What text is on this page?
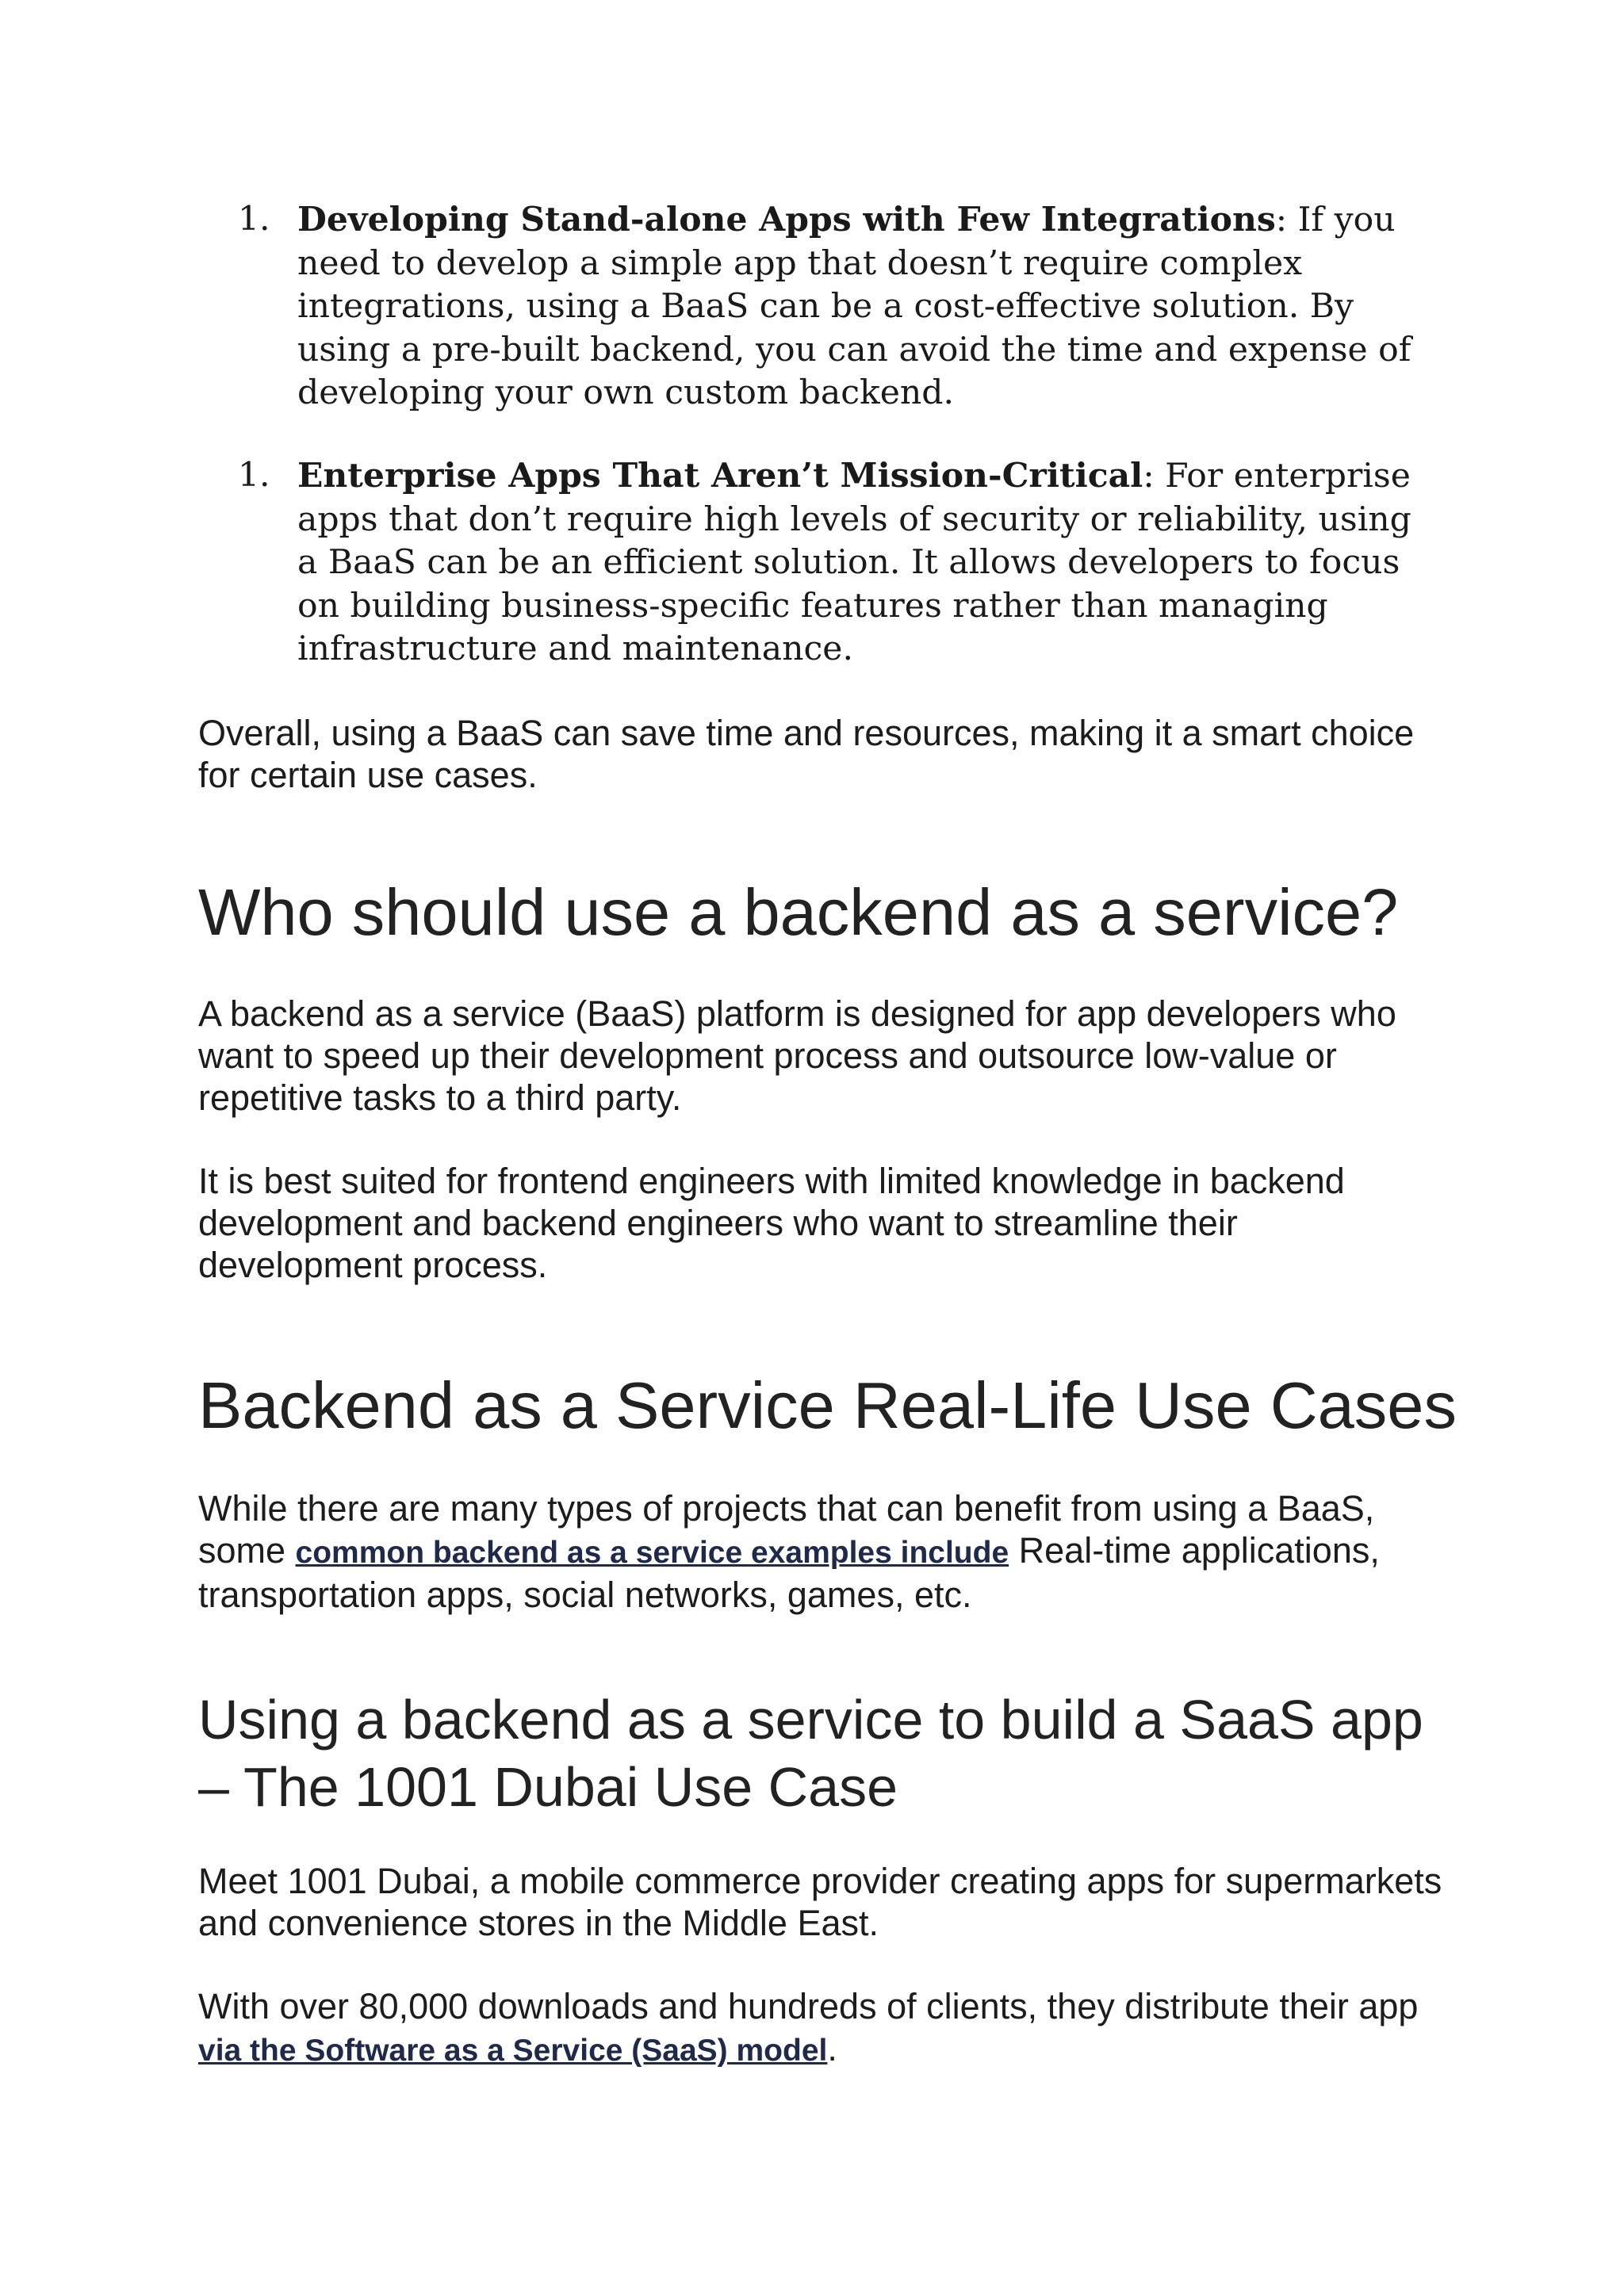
1. Developing Stand-alone Apps with Few Integrations: If you need to develop a simple app that doesn’t require complex integrations, using a BaaS can be a cost-effective solution. By using a pre-built backend, you can avoid the time and expense of developing your own custom backend.
1. Enterprise Apps That Aren’t Mission-Critical: For enterprise apps that don’t require high levels of security or reliability, using a BaaS can be an efficient solution. It allows developers to focus on building business-specific features rather than managing infrastructure and maintenance.

Overall, using a BaaS can save time and resources, making it a smart choice for certain use cases.

Who should use a backend as a service?

A backend as a service (BaaS) platform is designed for app developers who want to speed up their development process and outsource low-value or repetitive tasks to a third party.

It is best suited for frontend engineers with limited knowledge in backend development and backend engineers who want to streamline their development process.

Backend as a Service Real-Life Use Cases

While there are many types of projects that can benefit from using a BaaS, some common backend as a service examples include Real-time applications, transportation apps, social networks, games, etc.

Using a backend as a service to build a SaaS app – The 1001 Dubai Use Case

Meet 1001 Dubai, a mobile commerce provider creating apps for supermarkets and convenience stores in the Middle East.

With over 80,000 downloads and hundreds of clients, they distribute their app via the Software as a Service (SaaS) model.
